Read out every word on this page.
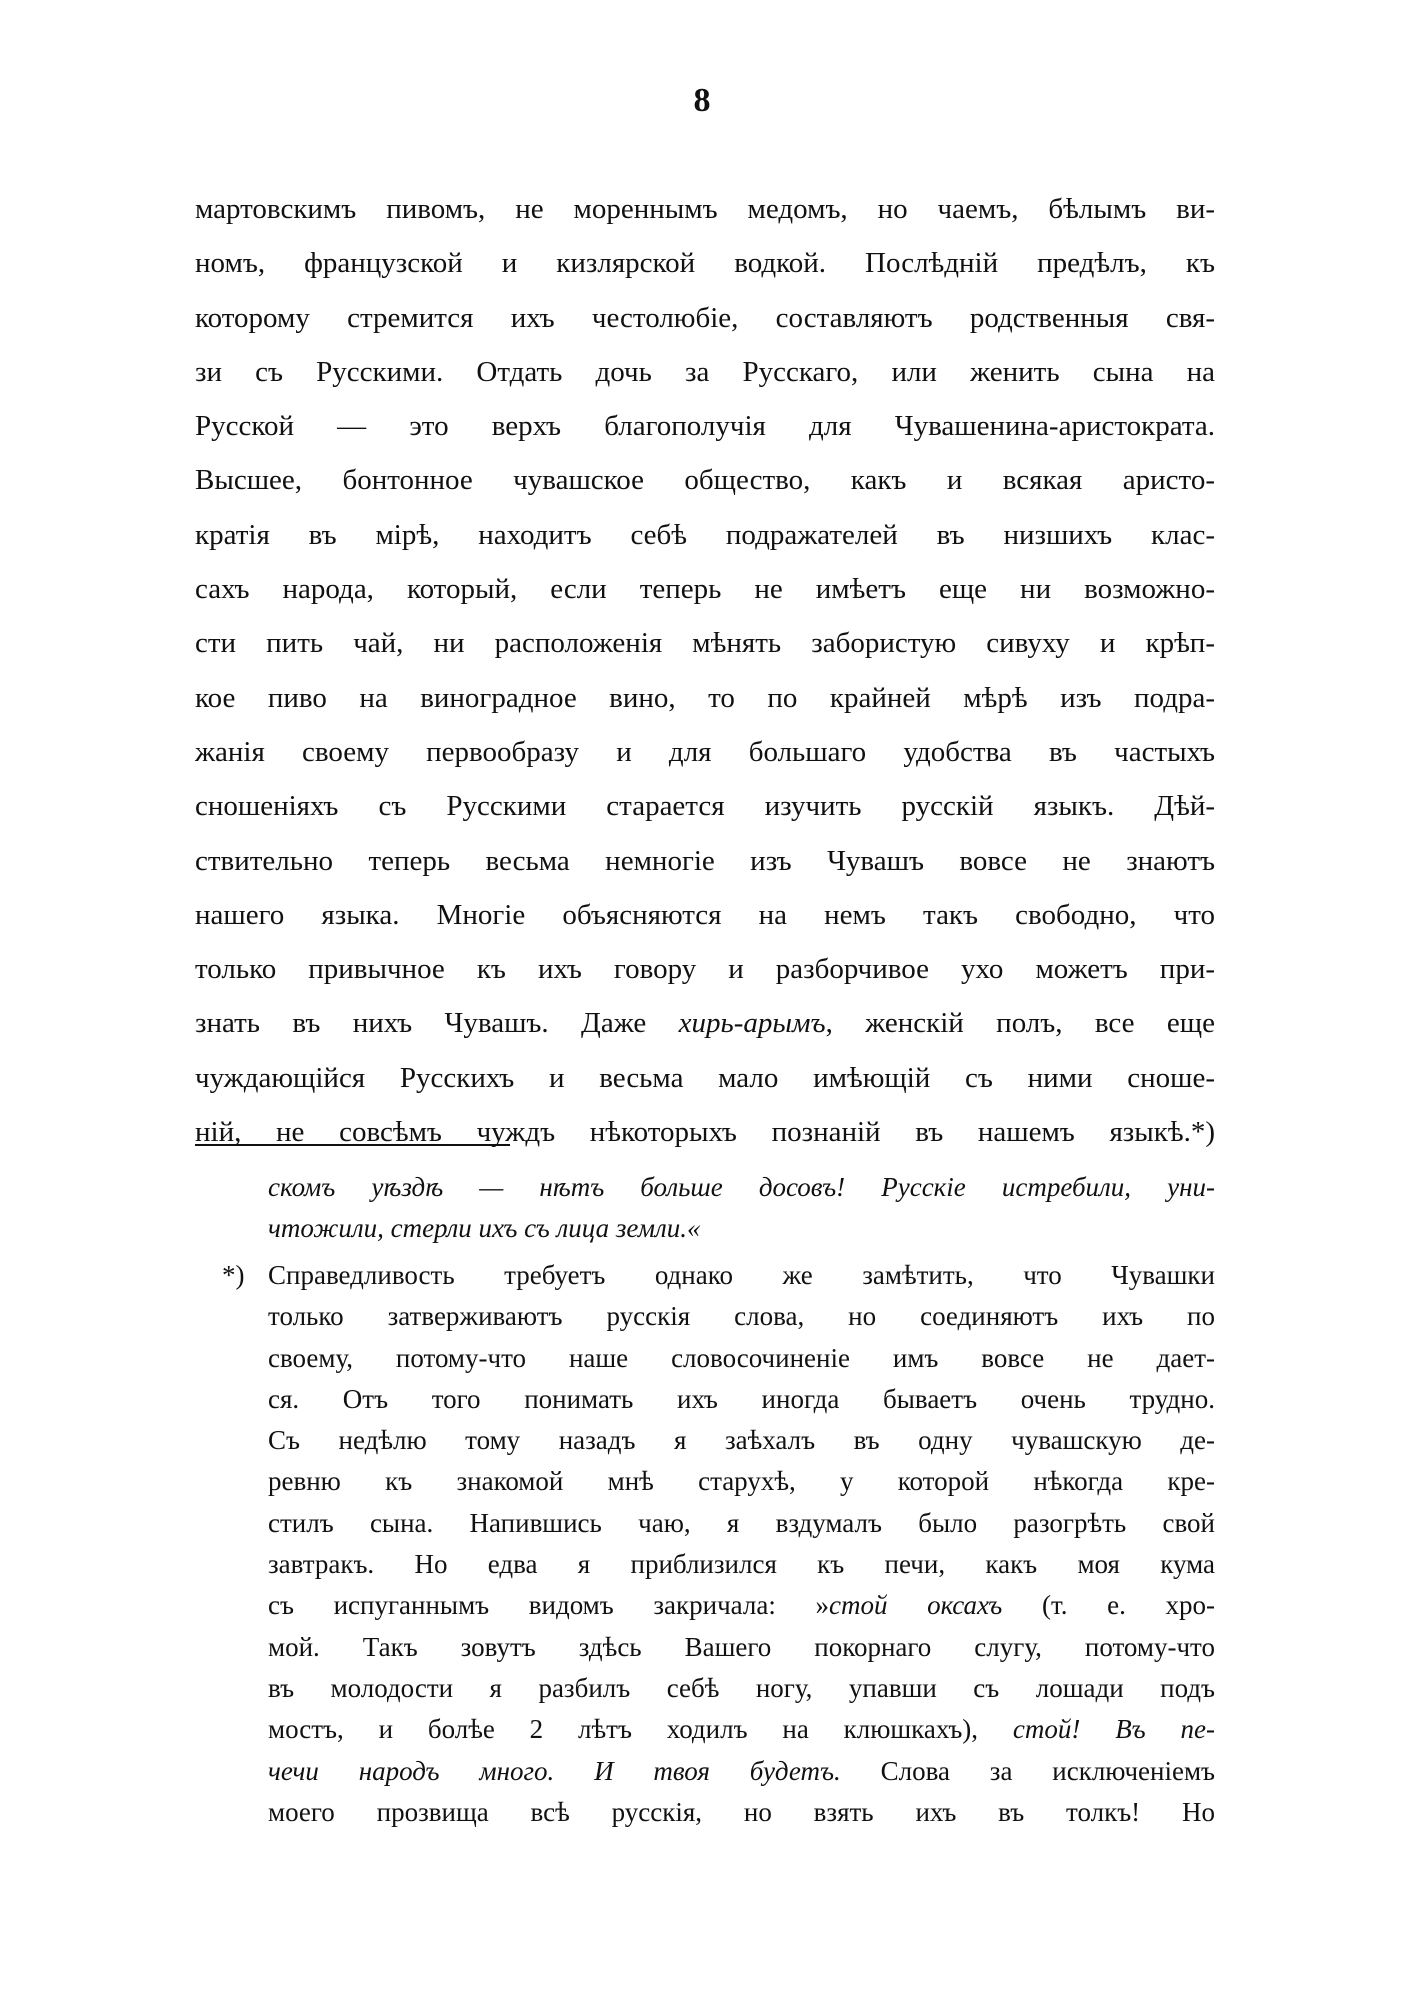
8
мартовскимъ пивомъ, не мореннымъ медомъ, но чаемъ, бѣлымъ ви-
номъ, французской и кизлярской водкой. Послѣдній предѣлъ, къ
которому стремится ихъ честолюбіе, составляютъ родственныя свя-
зи съ Русскими. Отдать дочь за Русскаго, или женить сына на
Русской — это верхъ благополучія для Чувашенина-аристократа.
Высшее, бонтонное чувашское общество, какъ и всякая аристо-
кратія въ мірѣ, находитъ себѣ подражателей въ низшихъ клас-
сахъ народа, который, если теперь не имѣетъ еще ни возможно-
сти пить чай, ни расположенія мѣнять забористую сивуху и крѣп-
кое пиво на виноградное вино, то по крайней мѣрѣ изъ подра-
жанія своему первообразу и для большаго удобства въ частыхъ
сношеніяхъ съ Русскими старается изучить русскій языкъ. Дѣй-
ствительно теперь весьма немногіе изъ Чувашъ вовсе не знаютъ
нашего языка. Многіе объясняются на немъ такъ свободно, что
только привычное къ ихъ говору и разборчивое ухо можетъ при-
знать въ нихъ Чувашъ. Даже хирь-арымъ, женскій полъ, все еще
чуждающійся Русскихъ и весьма мало имѣющій съ ними сноше-
ній, не совсѣмъ чуждъ нѣкоторыхъ познаній въ нашемъ языкѣ.*)
скомъ уѣздѣ — нѣтъ больше досовъ! Русскіе истребили, уни-
чтожили, стерли ихъ съ лица земли.«
*) Справедливость требуетъ однако же замѣтить, что Чувашки
только затверживаютъ русскія слова, но соединяютъ ихъ по
своему, потому-что наше словосочиненіе имъ вовсе не дает-
ся. Отъ того понимать ихъ иногда бываетъ очень трудно.
Съ недѣлю тому назадъ я заѣхалъ въ одну чувашскую де-
ревню къ знакомой мнѣ старухѣ, у которой нѣкогда кре-
стилъ сына. Напившись чаю, я вздумалъ было разогрѣть свой
завтракъ. Но едва я приблизился къ печи, какъ моя кума
съ испуганнымъ видомъ закричала: »стой оксахъ (т. е. хро-
мой. Такъ зовутъ здѣсь Вашего покорнаго слугу, потому-что
въ молодости я разбилъ себѣ ногу, упавши съ лошади подъ
мостъ, и болѣе 2 лѣтъ ходилъ на клюшкахъ), стой! Въ пе-
чечи народъ много. И твоя будетъ. Слова за исключеніемъ
моего прозвища всѣ русскія, но взять ихъ въ толкъ! Но
